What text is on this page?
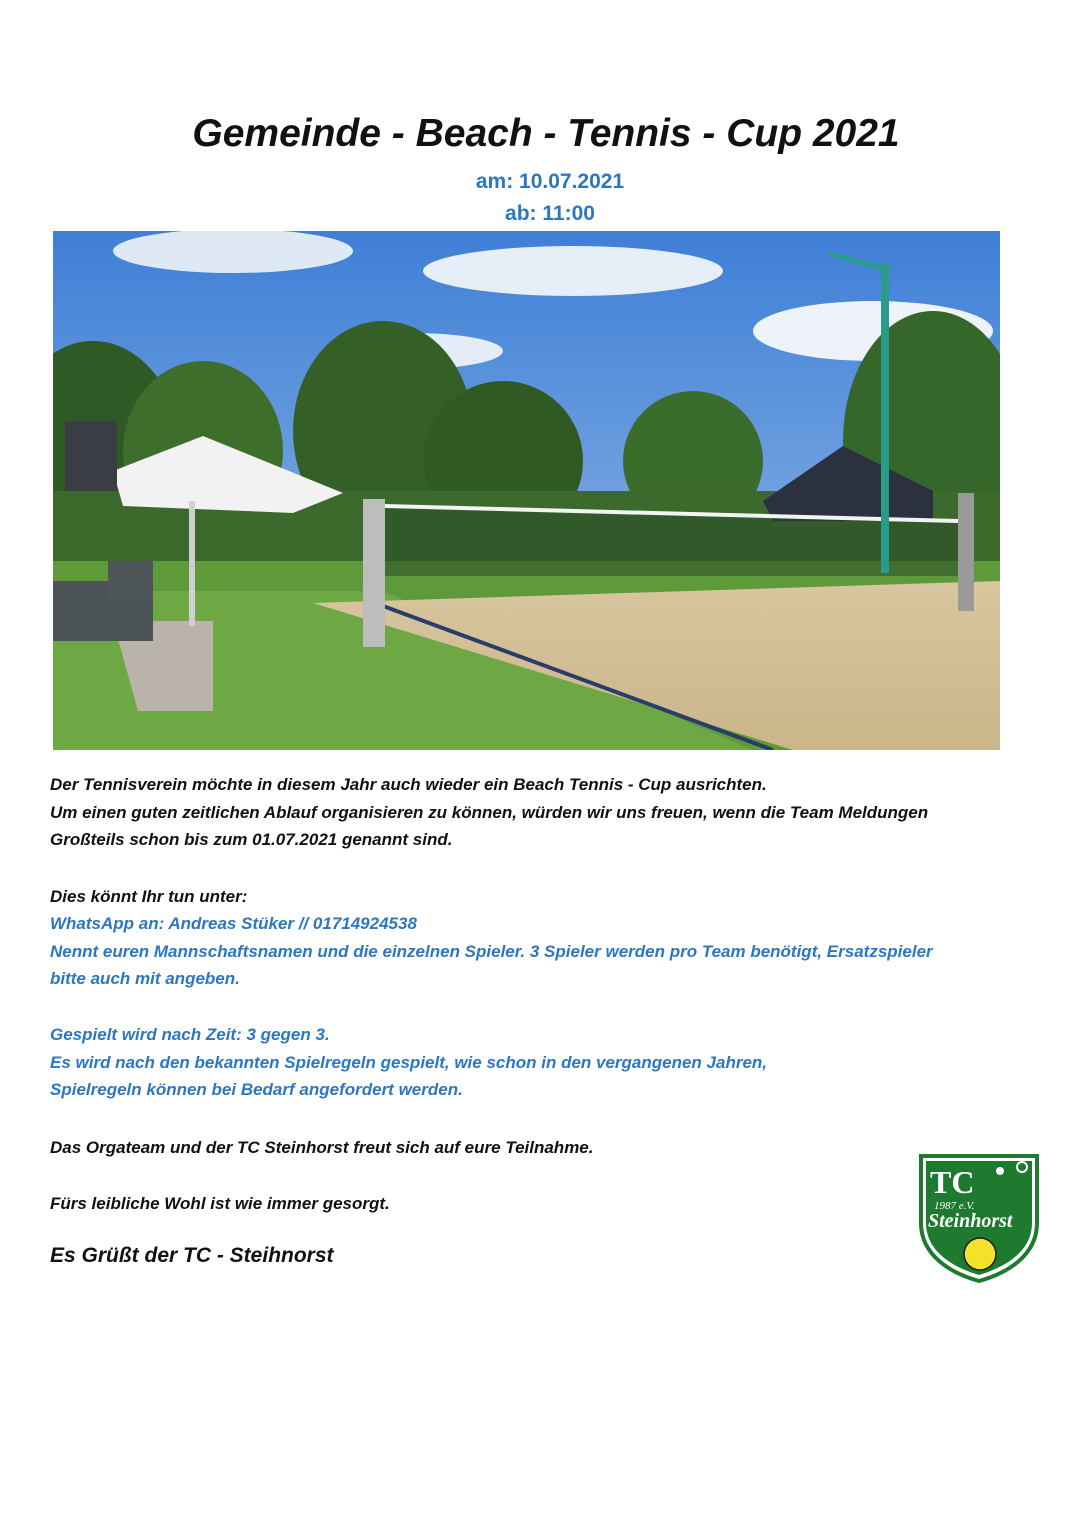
Gemeinde - Beach - Tennis - Cup 2021
am: 10.07.2021
ab: 11:00
Der Tennisverein möchte in diesem Jahr auch wieder ein Beach Tennis - Cup ausrichten.
Um einen guten zeitlichen Ablauf organisieren zu können, würden wir uns freuen, wenn die Team Meldungen
Großteils schon bis zum 01.07.2021 genannt sind.
Dies könnt Ihr tun unter:
WhatsApp an: Andreas Stüker // 01714924538
Nennt euren Mannschaftsnamen und die einzelnen Spieler. 3 Spieler werden pro Team benötigt, Ersatzspieler
bitte auch mit angeben.
Gespielt wird nach Zeit: 3 gegen 3.
Es wird nach den bekannten Spielregeln gespielt, wie schon in den vergangenen Jahren,
Spielregeln können bei Bedarf angefordert werden.
Das Orgateam und der TC Steinhorst freut sich auf eure Teilnahme.
Fürs leibliche Wohl ist wie immer gesorgt.
Es Grüßt der TC - Steihnorst
TC
1987 e.V.
Steinhorst
